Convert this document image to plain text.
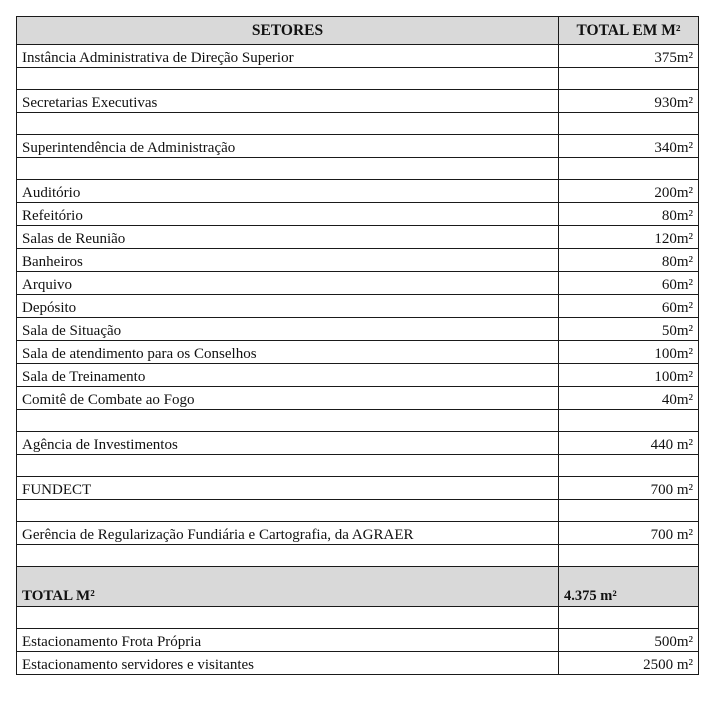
SETORES	TOTAL EM M²
Instância Administrativa de Direção Superior	375m²

Secretarias Executivas	930m²

Superintendência de Administração	340m²

Auditório	200m²
Refeitório	80m²
Salas de Reunião	120m²
Banheiros	80m²
Arquivo	60m²
Depósito	60m²
Sala de Situação	50m²
Sala de atendimento para os Conselhos	100m²
Sala de Treinamento	100m²
Comitê de Combate ao Fogo	40m²

Agência de Investimentos	440 m²

FUNDECT	700 m²

Gerência de Regularização Fundiária e Cartografia, da AGRAER	700 m²

TOTAL M²	4.375 m²

Estacionamento Frota Própria	500m²
Estacionamento servidores e visitantes	2500 m²
